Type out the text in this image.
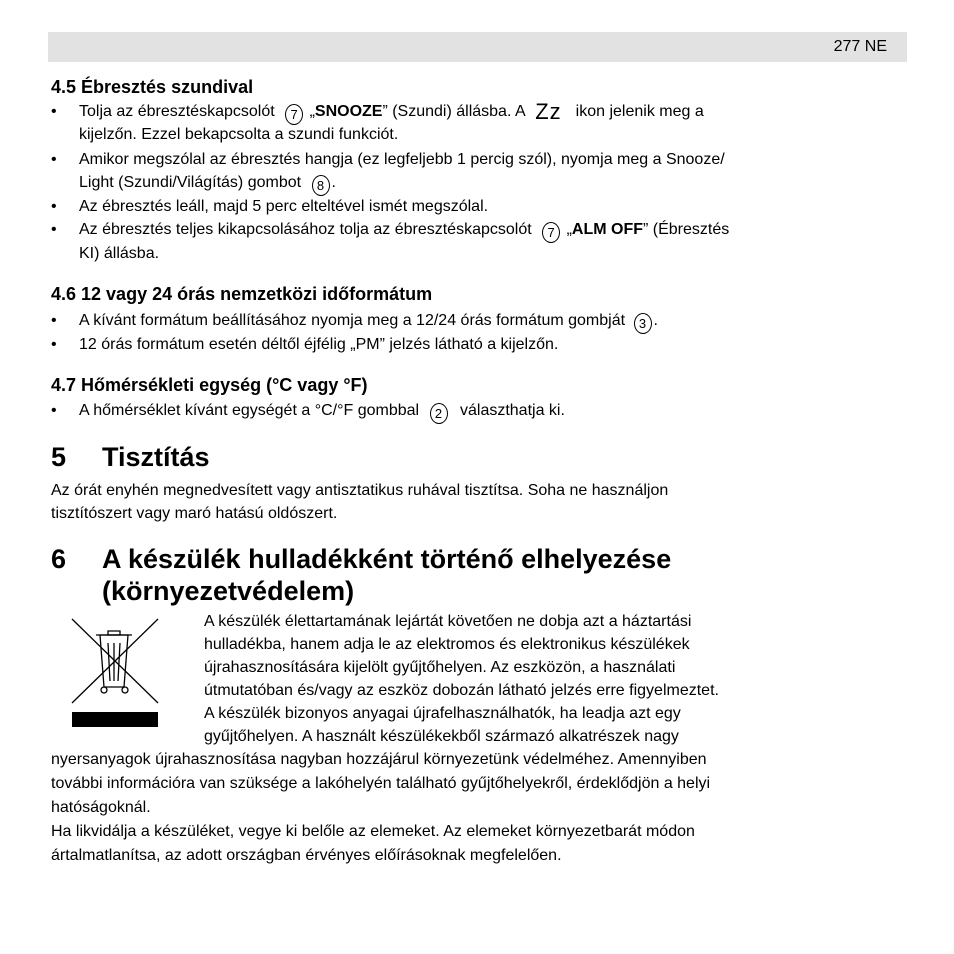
277 NE
4.5 Ébresztés szundival
• Tolja az ébresztéskapcsolót 7 „SNOOZE” (Szundi) állásba. A Zz ikon jelenik meg a
kijelzőn. Ezzel bekapcsolta a szundi funkciót.
• Amikor megszólal az ébresztés hangja (ez legfeljebb 1 percig szól), nyomja meg a Snooze/
Light (Szundi/Világítás) gombot 8 .
• Az ébresztés leáll, majd 5 perc elteltével ismét megszólal.
• Az ébresztés teljes kikapcsolásához tolja az ébresztéskapcsolót 7 „ALM OFF” (Ébresztés
KI) állásba.
4.6 12 vagy 24 órás nemzetközi időformátum
• A kívánt formátum beállításához nyomja meg a 12/24 órás formátum gombját 3 .
• 12 órás formátum esetén déltől éjfélig „PM” jelzés látható a kijelzőn.
4.7 Hőmérsékleti egység (°C vagy °F)
• A hőmérséklet kívánt egységét a °C/°F gombbal 2 választhatja ki.
5 Tisztítás
Az órát enyhén megnedvesített vagy antisztatikus ruhával tisztítsa. Soha ne használjon
tisztítószert vagy maró hatású oldószert.
6 A készülék hulladékként történő elhelyezése
(környezetvédelem)
A készülék élettartamának lejártát követően ne dobja azt a háztartási
hulladékba, hanem adja le az elektromos és elektronikus készülékek
újrahasznosítására kijelölt gyűjtőhelyen. Az eszközön, a használati
útmutatóban és/vagy az eszköz dobozán látható jelzés erre figyelmeztet.
A készülék bizonyos anyagai újrafelhasználhatók, ha leadja azt egy
gyűjtőhelyen. A használt készülékekből származó alkatrészek nagy
nyersanyagok újrahasznosítása nagyban hozzájárul környezetünk védelméhez. Amennyiben
további információra van szüksége a lakóhelyén található gyűjtőhelyekről, érdeklődjön a helyi
hatóságoknál.
Ha likvidálja a készüléket, vegye ki belőle az elemeket. Az elemeket környezetbarát módon
ártalmatlanítsa, az adott országban érvényes előírásoknak megfelelően.
